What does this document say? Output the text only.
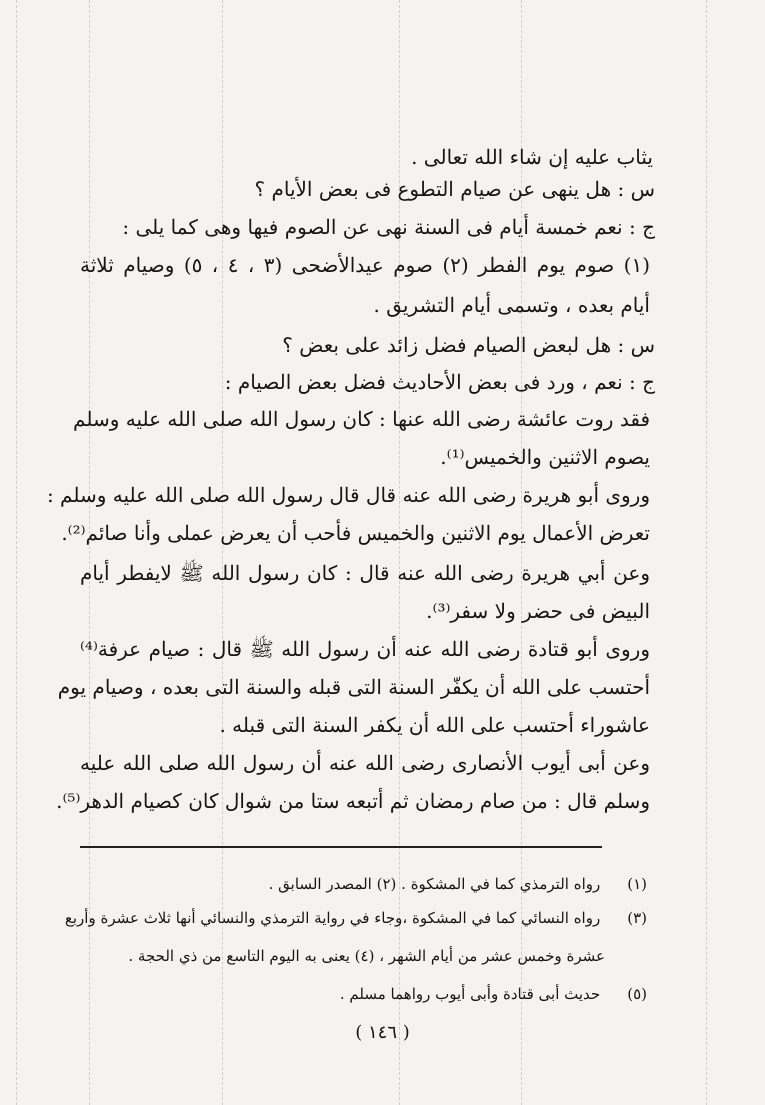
يثاب عليه إن شاء الله تعالى .
س : هل ينهى عن صيام التطوع فى بعض الأيام ؟
ج : نعم خمسة أيام فى السنة نهى عن الصوم فيها وهى كما يلى :
(١) صوم يوم الفطر (٢) صوم عيدالأضحى (٣ ، ٤ ، ٥) وصيام ثلاثة
أيام بعده ، وتسمى أيام التشريق .
س : هل لبعض الصيام فضل زائد على بعض ؟
ج : نعم ، ورد فى بعض الأحاديث فضل بعض الصيام :
فقد روت عائشة رضى الله عنها : كان رسول الله صلى الله عليه وسلم
يصوم الاثنين والخميس⁽¹⁾.
وروى أبو هريرة رضى الله عنه قال قال رسول الله صلى الله عليه وسلم :
تعرض الأعمال يوم الاثنين والخميس فأحب أن يعرض عملى وأنا صائم⁽²⁾.
وعن أبي هريرة رضى الله عنه قال : كان رسول الله ﷺ لايفطر أيام
البيض فى حضر ولا سفر⁽³⁾.
وروى أبو قتادة رضى الله عنه أن رسول الله ﷺ قال : صيام عرفة⁽⁴⁾
أحتسب على الله أن يكفّر السنة التى قبله والسنة التى بعده ، وصيام يوم
عاشوراء أحتسب على الله أن يكفر السنة التى قبله .
وعن أبى أيوب الأنصارى رضى الله عنه أن رسول الله صلى الله عليه
وسلم قال : من صام رمضان ثم أتبعه ستا من شوال كان كصيام الدهر⁽⁵⁾.
(١) رواه الترمذي كما في المشكوة . (٢) المصدر السابق .
(٣) رواه النسائي كما في المشكوة ،وجاء في رواية الترمذي والنسائي أنها ثلاث عشرة وأربع
عشرة وخمس عشر من أيام الشهر ، (٤) يعنى به اليوم التاسع من ذي الحجة .
(٥) حديث أبى قتادة وأبى أيوب رواهما مسلم .
( ١٤٦ )
